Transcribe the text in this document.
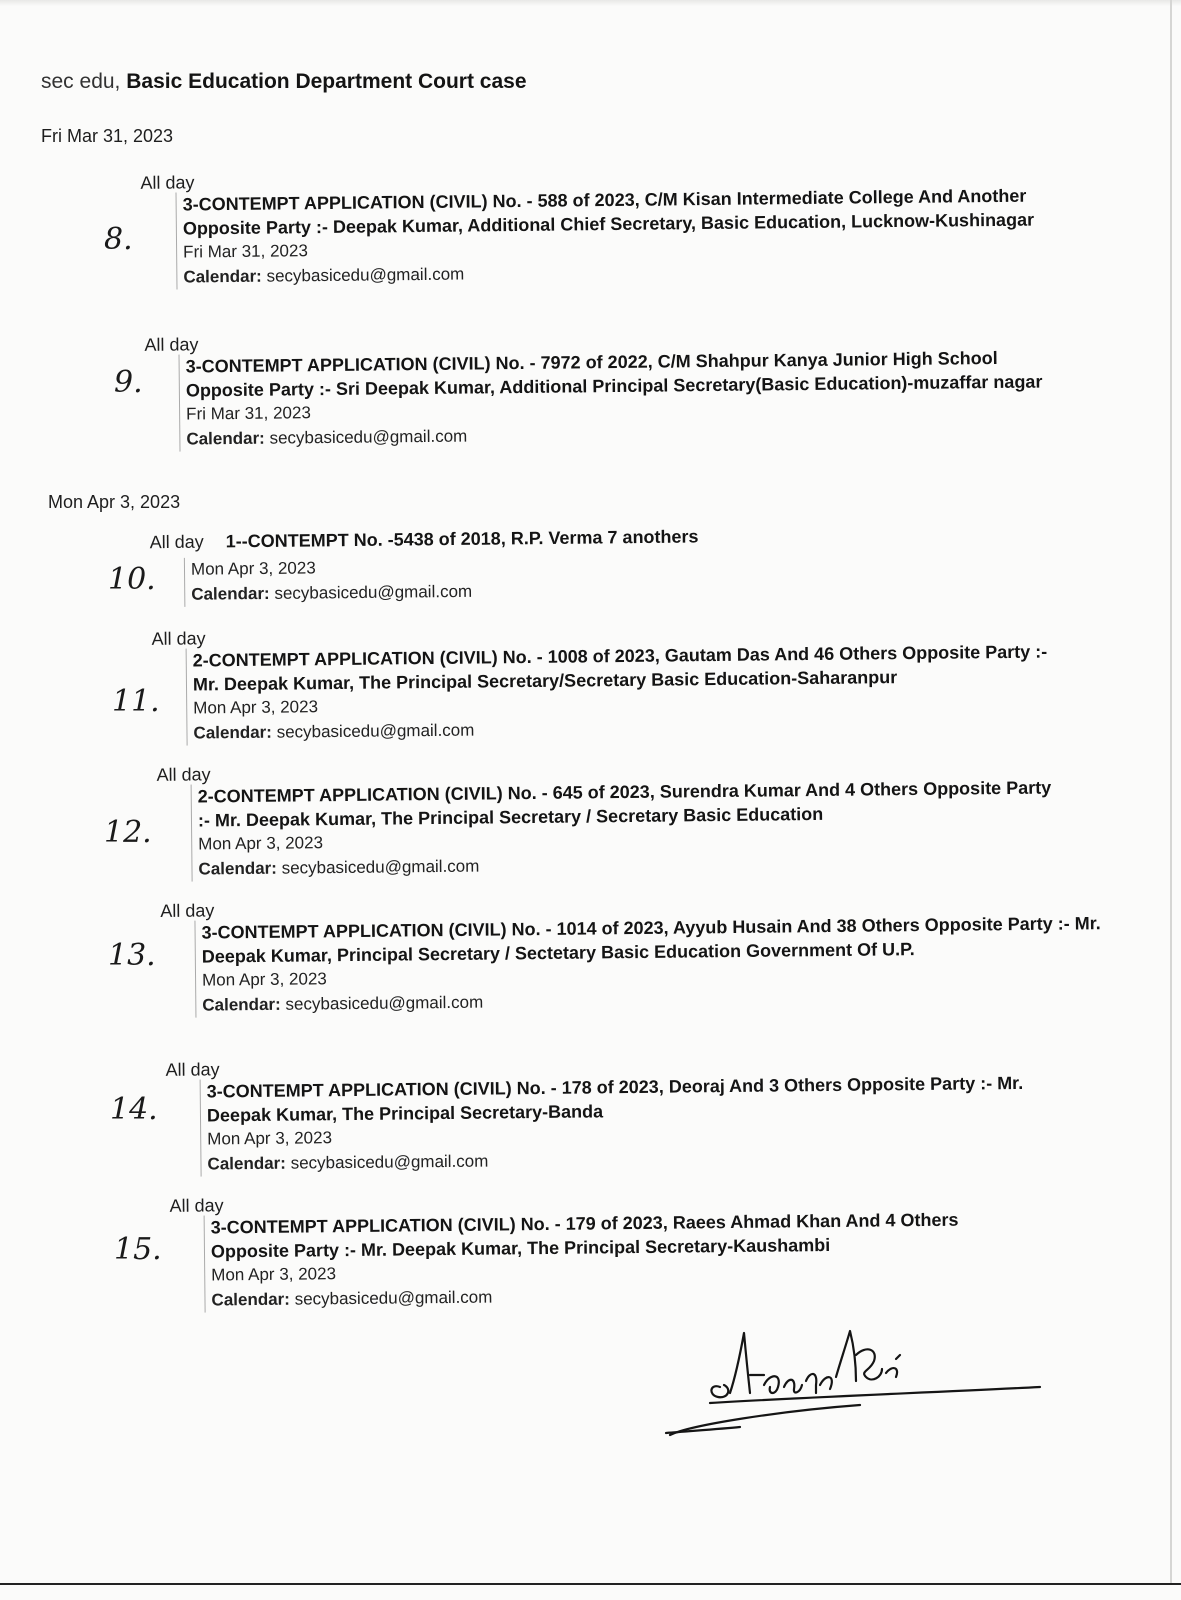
sec edu, Basic Education Department Court case
Fri Mar 31, 2023
8.
All day

3-CONTEMPT APPLICATION (CIVIL) No. - 588 of 2023, C/M Kisan Intermediate College And Another Opposite Party :- Deepak Kumar, Additional Chief Secretary, Basic Education, Lucknow-Kushinagar

Fri Mar 31, 2023

Calendar: secybasicedu@gmail.com

9.
All day

3-CONTEMPT APPLICATION (CIVIL) No. - 7972 of 2022, C/M Shahpur Kanya Junior High School Opposite Party :- Sri Deepak Kumar, Additional Principal Secretary(Basic Education)-muzaffar nagar

Fri Mar 31, 2023

Calendar: secybasicedu@gmail.com

Mon Apr 3, 2023
10.
All day 1--CONTEMPT No. -5438 of 2018, R.P. Verma 7 anothers

Mon Apr 3, 2023

Calendar: secybasicedu@gmail.com

11.
All day

2-CONTEMPT APPLICATION (CIVIL) No. - 1008 of 2023, Gautam Das And 46 Others Opposite Party :- Mr. Deepak Kumar, The Principal Secretary/Secretary Basic Education-Saharanpur

Mon Apr 3, 2023

Calendar: secybasicedu@gmail.com

12.
All day

2-CONTEMPT APPLICATION (CIVIL) No. - 645 of 2023, Surendra Kumar And 4 Others Opposite Party :- Mr. Deepak Kumar, The Principal Secretary / Secretary Basic Education

Mon Apr 3, 2023

Calendar: secybasicedu@gmail.com

13.
All day

3-CONTEMPT APPLICATION (CIVIL) No. - 1014 of 2023, Ayyub Husain And 38 Others Opposite Party :- Mr. Deepak Kumar, Principal Secretary / Sectetary Basic Education Government Of U.P.

Mon Apr 3, 2023

Calendar: secybasicedu@gmail.com

14.
All day

3-CONTEMPT APPLICATION (CIVIL) No. - 178 of 2023, Deoraj And 3 Others Opposite Party :- Mr. Deepak Kumar, The Principal Secretary-Banda

Mon Apr 3, 2023

Calendar: secybasicedu@gmail.com

15.
All day

3-CONTEMPT APPLICATION (CIVIL) No. - 179 of 2023, Raees Ahmad Khan And 4 Others Opposite Party :- Mr. Deepak Kumar, The Principal Secretary-Kaushambi

Mon Apr 3, 2023

Calendar: secybasicedu@gmail.com
